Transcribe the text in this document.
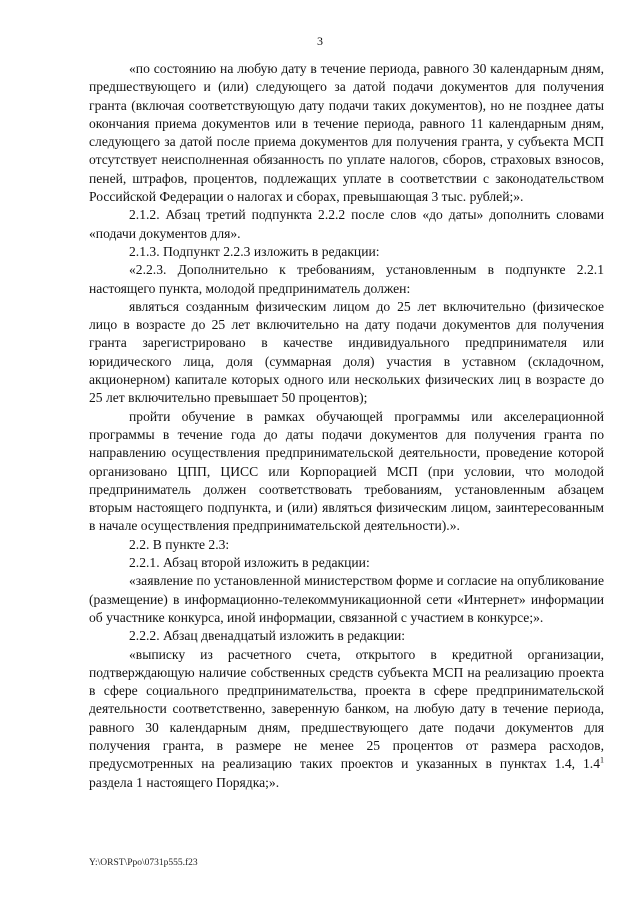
3

«по состоянию на любую дату в течение периода, равного 30 календарным дням, предшествующего и (или) следующего за датой подачи документов для получения гранта (включая соответствующую дату подачи таких документов), но не позднее даты окончания приема документов или в течение периода, равного 11 календарным дням, следующего за датой после приема документов для получения гранта, у субъекта МСП отсутствует неисполненная обязанность по уплате налогов, сборов, страховых взносов, пеней, штрафов, процентов, подлежащих уплате в соответствии с законодательством Российской Федерации о налогах и сборах, превышающая 3 тыс. рублей;».

2.1.2. Абзац третий подпункта 2.2.2 после слов «до даты» дополнить словами «подачи документов для».

2.1.3. Подпункт 2.2.3 изложить в редакции:

«2.2.3. Дополнительно к требованиям, установленным в подпункте 2.2.1 настоящего пункта, молодой предприниматель должен:

являться созданным физическим лицом до 25 лет включительно (физическое лицо в возрасте до 25 лет включительно на дату подачи документов для получения гранта зарегистрировано в качестве индивидуального предпринимателя или юридического лица, доля (суммарная доля) участия в уставном (складочном, акционерном) капитале которых одного или нескольких физических лиц в возрасте до 25 лет включительно превышает 50 процентов);

пройти обучение в рамках обучающей программы или акселерационной программы в течение года до даты подачи документов для получения гранта по направлению осуществления предпринимательской деятельности, проведение которой организовано ЦПП, ЦИСС или Корпорацией МСП (при условии, что молодой предприниматель должен соответствовать требованиям, установленным абзацем вторым настоящего подпункта, и (или) являться физическим лицом, заинтересованным в начале осуществления предпринимательской деятельности).».

2.2. В пункте 2.3:

2.2.1. Абзац второй изложить в редакции:

«заявление по установленной министерством форме и согласие на опубликование (размещение) в информационно-телекоммуникационной сети «Интернет» информации об участнике конкурса, иной информации, связанной с участием в конкурсе;».

2.2.2. Абзац двенадцатый изложить в редакции:

«выписку из расчетного счета, открытого в кредитной организации, подтверждающую наличие собственных средств субъекта МСП на реализацию проекта в сфере социального предпринимательства, проекта в сфере предпринимательской деятельности соответственно, заверенную банком, на любую дату в течение периода, равного 30 календарным дням, предшествующего дате подачи документов для получения гранта, в размере не менее 25 процентов от размера расходов, предусмотренных на реализацию таких проектов и указанных в пунктах 1.4, $1.4^1$ раздела 1 настоящего Порядка;».

Y:\ORST\Ppo\0731p555.f23
